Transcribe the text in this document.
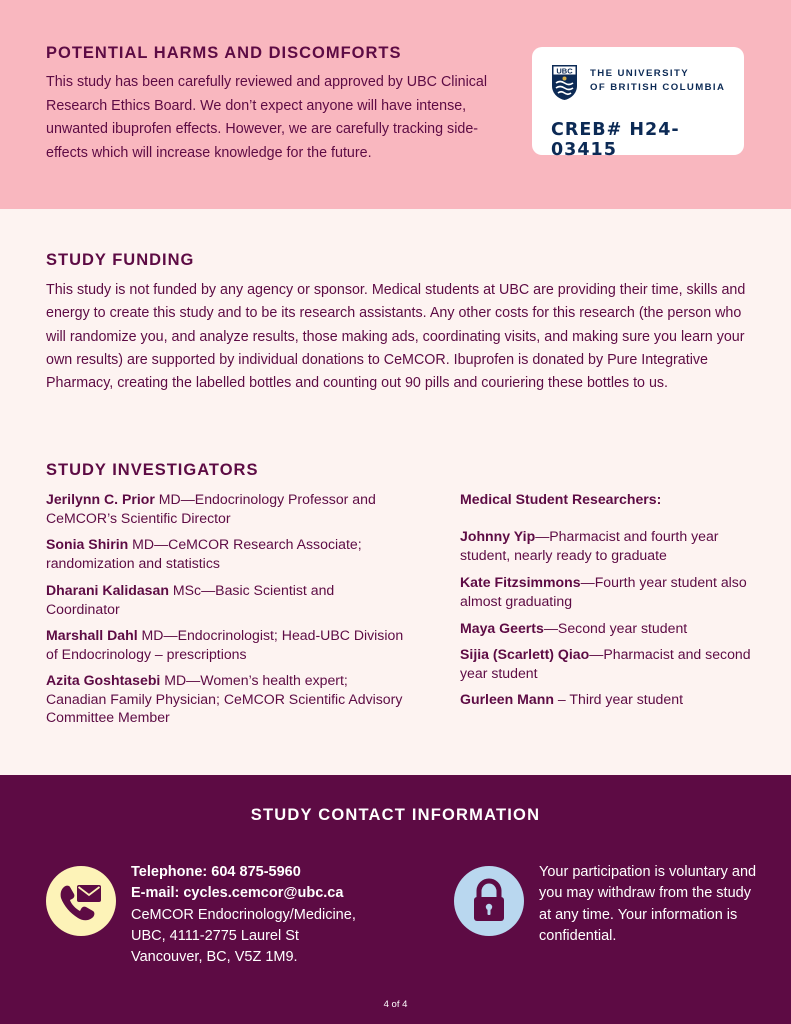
POTENTIAL HARMS AND DISCOMFORTS

This study has been carefully reviewed and approved by UBC Clinical Research Ethics Board. We don’t expect anyone will have intense, unwanted ibuprofen effects. However, we are carefully tracking side-effects which will increase knowledge for the future.

UBC THE UNIVERSITY
OF BRITISH COLUMBIA
CREB# H24-03415
STUDY FUNDING

This study is not funded by any agency or sponsor. Medical students at UBC are providing their time, skills and energy to create this study and to be its research assistants. Any other costs for this research (the person who will randomize you, and analyze results, those making ads, coordinating visits, and making sure you learn your own results) are supported by individual donations to CeMCOR. Ibuprofen is donated by Pure Integrative Pharmacy, creating the labelled bottles and counting out 90 pills and couriering these bottles to us.

STUDY INVESTIGATORS
Jerilynn C. Prior MD—Endocrinology Professor and CeMCOR’s Scientific Director
Sonia Shirin MD—CeMCOR Research Associate; randomization and statistics
Dharani Kalidasan MSc—Basic Scientist and Coordinator
Marshall Dahl MD—Endocrinologist; Head-UBC Division of Endocrinology – prescriptions
Azita Goshtasebi MD—Women’s health expert; Canadian Family Physician; CeMCOR Scientific Advisory Committee Member
Medical Student Researchers:
Johnny Yip—Pharmacist and fourth year student, nearly ready to graduate
Kate Fitzsimmons—Fourth year student also almost graduating
Maya Geerts—Second year student
Sijia (Scarlett) Qiao—Pharmacist and second year student
Gurleen Mann – Third year student
STUDY CONTACT INFORMATION
Telephone: 604 875-5960
E-mail: cycles.cemcor@ubc.ca
CeMCOR Endocrinology/Medicine,
UBC, 4111-2775 Laurel St
Vancouver, BC, V5Z 1M9.
Your participation is voluntary and you may withdraw from the study at any time. Your information is confidential.
4 of 4
